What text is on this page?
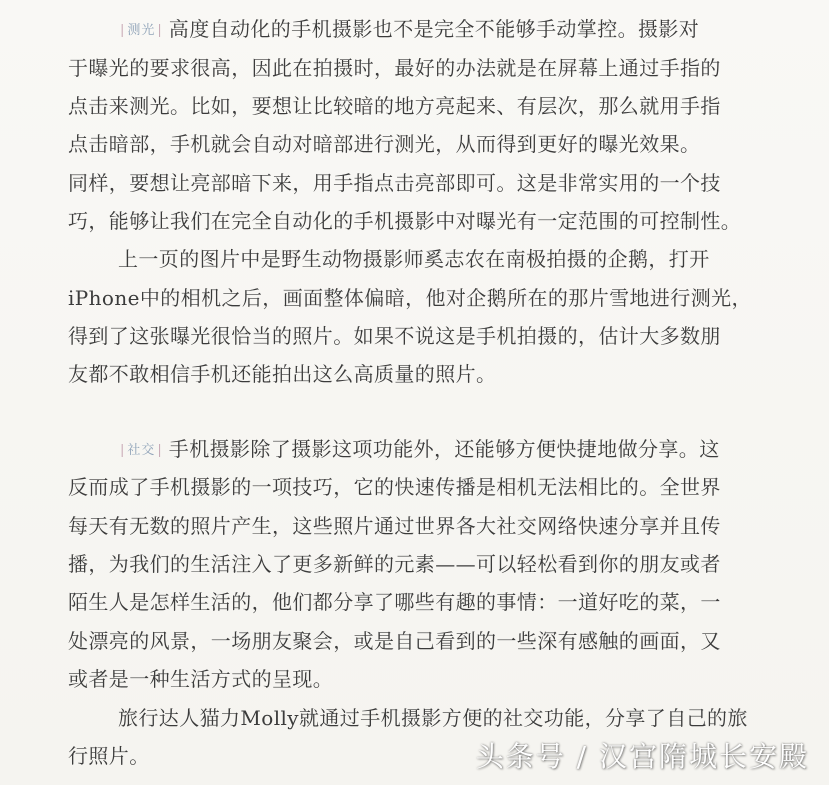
| 测光 | 高度自动化的手机摄影也不是完全不能够手动掌控。摄影对
于曝光的要求很高，因此在拍摄时，最好的办法就是在屏幕上通过手指的
点击来测光。比如，要想让比较暗的地方亮起来、有层次，那么就用手指
点击暗部，手机就会自动对暗部进行测光，从而得到更好的曝光效果。
同样，要想让亮部暗下来，用手指点击亮部即可。这是非常实用的一个技
巧，能够让我们在完全自动化的手机摄影中对曝光有一定范围的可控制性。
上一页的图片中是野生动物摄影师奚志农在南极拍摄的企鹅，打开
iPhone中的相机之后，画面整体偏暗，他对企鹅所在的那片雪地进行测光，
得到了这张曝光很恰当的照片。如果不说这是手机拍摄的，估计大多数朋
友都不敢相信手机还能拍出这么高质量的照片。
| 社交 | 手机摄影除了摄影这项功能外，还能够方便快捷地做分享。这
反而成了手机摄影的一项技巧，它的快速传播是相机无法相比的。全世界
每天有无数的照片产生，这些照片通过世界各大社交网络快速分享并且传
播，为我们的生活注入了更多新鲜的元素——可以轻松看到你的朋友或者
陌生人是怎样生活的，他们都分享了哪些有趣的事情：一道好吃的菜，一
处漂亮的风景，一场朋友聚会，或是自己看到的一些深有感触的画面，又
或者是一种生活方式的呈现。
旅行达人猫力Molly就通过手机摄影方便的社交功能，分享了自己的旅
行照片。	头条号 / 汉宫隋城长安殿
